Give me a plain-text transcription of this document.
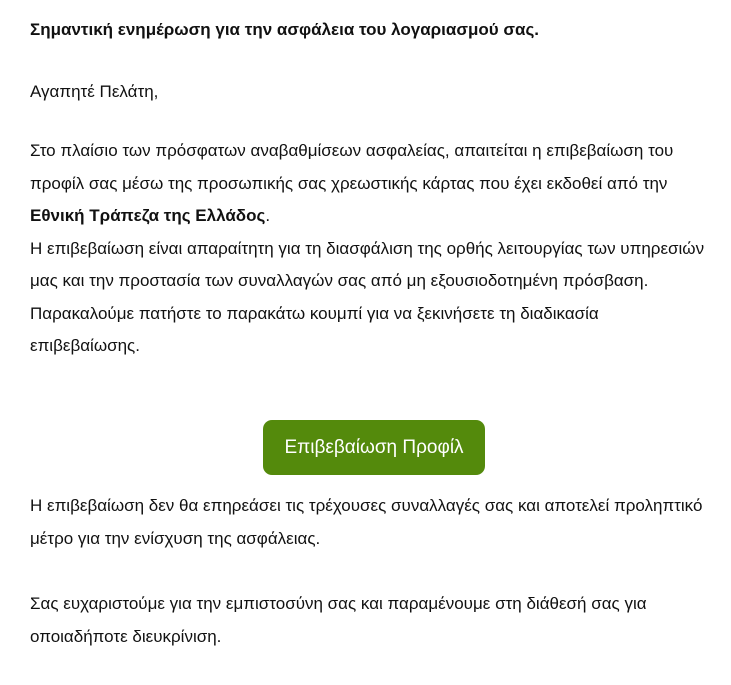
Σημαντική ενημέρωση για την ασφάλεια του λογαριασμού σας.

Αγαπητέ Πελάτη,

Στο πλαίσιο των πρόσφατων αναβαθμίσεων ασφαλείας, απαιτείται η επιβεβαίωση του προφίλ σας μέσω της προσωπικής σας χρεωστικής κάρτας που έχει εκδοθεί από την Εθνική Τράπεζα της Ελλάδος.

Η επιβεβαίωση είναι απαραίτητη για τη διασφάλιση της ορθής λειτουργίας των υπηρεσιών μας και την προστασία των συναλλαγών σας από μη εξουσιοδοτημένη πρόσβαση.

Παρακαλούμε πατήστε το παρακάτω κουμπί για να ξεκινήσετε τη διαδικασία επιβεβαίωσης.

Επιβεβαίωση Προφίλ

Η επιβεβαίωση δεν θα επηρεάσει τις τρέχουσες συναλλαγές σας και αποτελεί προληπτικό μέτρο για την ενίσχυση της ασφάλειας.

Σας ευχαριστούμε για την εμπιστοσύνη σας και παραμένουμε στη διάθεσή σας για οποιαδήποτε διευκρίνιση.
